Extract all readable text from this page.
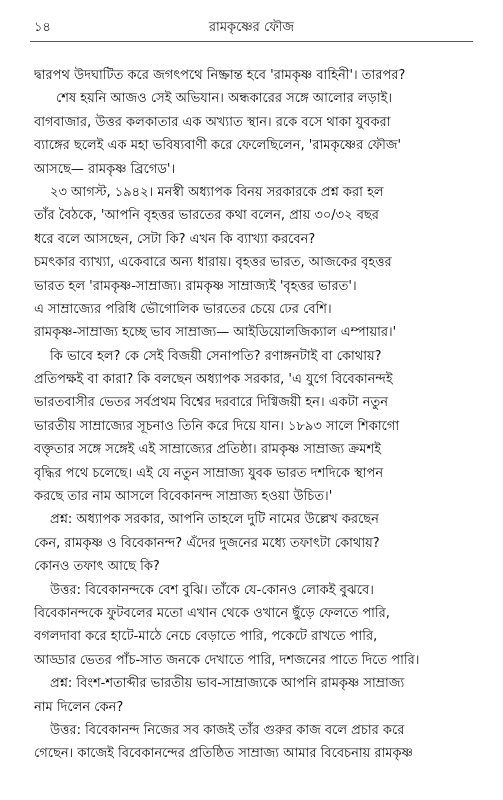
১৪	রামকৃষ্ণের ফৌজ
দ্বারপথ উদঘাটিত করে জগৎপথে নিষ্ক্রান্ত হবে 'রামকৃষ্ণ বাহিনী'। তারপর?
শেষ হয়নি আজও সেই অভিযান। অন্ধকারের সঙ্গে আলোর লড়াই।
বাগবাজার, উত্তর কলকাতার এক অখ্যাত স্থান। রকে বসে থাকা যুবকরা
ব্যাঙ্গের ছলেই এক মহা ভবিষ্যবাণী করে ফেলেছিলেন, 'রামকৃষ্ণের ফৌজ'
আসছে— রামকৃষ্ণ ব্রিগেড'।
২৩ আগস্ট, ১৯৪২। মনস্বী অধ্যাপক বিনয় সরকারকে প্রশ্ন করা হল
তাঁর বৈঠকে, 'আপনি বৃহত্তর ভারতের কথা বলেন, প্রায় ৩০/৩২ বছর
ধরে বলে আসছেন, সেটা কি? এখন কি ব্যাখ্যা করবেন?
চমৎকার ব্যাখ্যা, একেবারে অন্য ধারায়। বৃহত্তর ভারত, আজকের বৃহত্তর
ভারত হল 'রামকৃষ্ণ-সাম্রাজ্য। রামকৃষ্ণ সাম্রাজ্যই 'বৃহত্তর ভারত'।
এ সাম্রাজ্যের পরিধি ভৌগোলিক ভারতের চেয়ে ঢের বেশি।
রামকৃষ্ণ-সাম্রাজ্য হচ্ছে ভাব সাম্রাজ্য— আইডিয়োলজিক্যাল এম্পায়ার।'
কি ভাবে হল? কে সেই বিজয়ী সেনাপতি? রণাঙ্গনটাই বা কোথায়?
প্রতিপক্ষই বা কারা? কি বলছেন অধ্যাপক সরকার, 'এ যুগে বিবেকানন্দই
ভারতবাসীর ভেতর সর্বপ্রথম বিশ্বের দরবারে দিগ্বিজয়ী হন। একটা নতুন
ভারতীয় সাম্রাজ্যের সূচনাও তিনি করে দিয়ে যান। ১৮৯৩ সালে শিকাগো
বক্তৃতার সঙ্গে সঙ্গেই এই সাম্রাজ্যের প্রতিষ্ঠা। রামকৃষ্ণ সাম্রাজ্য ক্রমশই
বৃদ্ধির পথে চলেছে। এই যে নতুন সাম্রাজ্য যুবক ভারত দশদিকে স্থাপন
করছে তার নাম আসলে বিবেকানন্দ সাম্রাজ্য হওয়া উচিত।'
প্রশ্ন: অধ্যাপক সরকার, আপনি তাহলে দুটি নামের উল্লেখ করছেন
কেন, রামকৃষ্ণ ও বিবেকানন্দ? এঁদের দুজনের মধ্যে তফাৎটা কোথায়?
কোনও তফাৎ আছে কি?
উত্তর: বিবেকানন্দকে বেশ বুঝি। তাঁকে যে-কোনও লোকই বুঝবে।
বিবেকানন্দকে ফুটবলের মতো এখান থেকে ওখানে ছুঁড়ে ফেলতে পারি,
বগলদাবা করে হাটে-মাঠে নেচে বেড়াতে পারি, পকেটে রাখতে পারি,
আড্ডার ভেতর পাঁচ-সাত জনকে দেখাতে পারি, দশজনের পাতে দিতে পারি।
প্রশ্ন: বিংশ-শতাব্দীর ভারতীয় ভাব-সাম্রাজ্যকে আপনি রামকৃষ্ণ সাম্রাজ্য
নাম দিলেন কেন?
উত্তর: বিবেকানন্দ নিজের সব কাজই তাঁর গুরুর কাজ বলে প্রচার করে
গেছেন। কাজেই বিবেকানন্দের প্রতিষ্ঠিত সাম্রাজ্য আমার বিবেচনায় রামকৃষ্ণ
